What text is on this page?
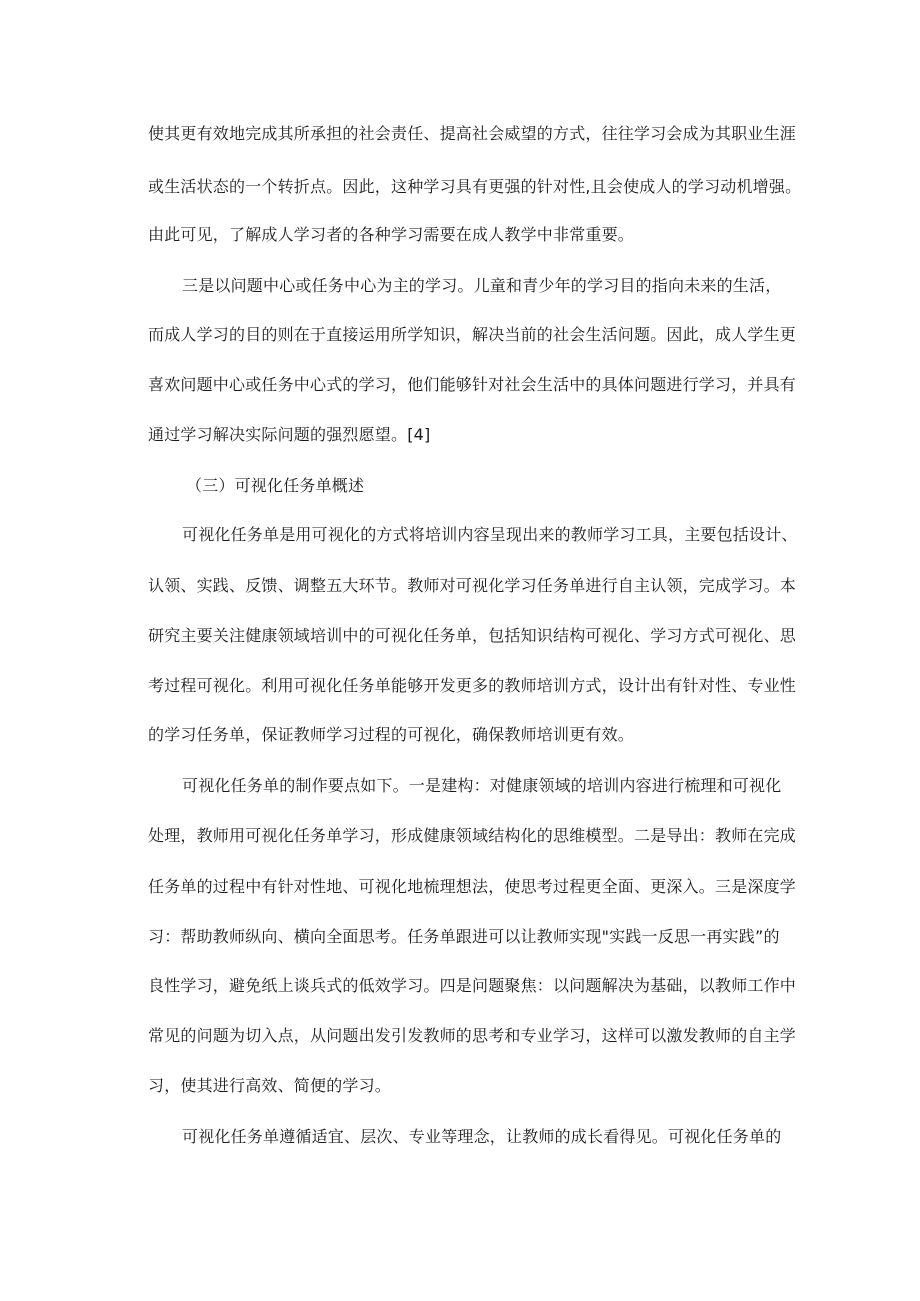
使其更有效地完成其所承担的社会责任、提高社会威望的方式，往往学习会成为其职业生涯
或生活状态的一个转折点。因此，这种学习具有更强的针对性,且会使成人的学习动机增强。
由此可见，了解成人学习者的各种学习需要在成人教学中非常重要。
三是以问题中心或任务中心为主的学习。儿童和青少年的学习目的指向未来的生活，
而成人学习的目的则在于直接运用所学知识，解决当前的社会生活问题。因此，成人学生更
喜欢问题中心或任务中心式的学习，他们能够针对社会生活中的具体问题进行学习，并具有
通过学习解决实际问题的强烈愿望。[4]
（三）可视化任务单概述
可视化任务单是用可视化的方式将培训内容呈现出来的教师学习工具，主要包括设计、
认领、实践、反馈、调整五大环节。教师对可视化学习任务单进行自主认领，完成学习。本
研究主要关注健康领域培训中的可视化任务单，包括知识结构可视化、学习方式可视化、思
考过程可视化。利用可视化任务单能够开发更多的教师培训方式，设计出有针对性、专业性
的学习任务单，保证教师学习过程的可视化，确保教师培训更有效。
可视化任务单的制作要点如下。一是建构：对健康领域的培训内容进行梳理和可视化
处理，教师用可视化任务单学习，形成健康领域结构化的思维模型。二是导出：教师在完成
任务单的过程中有针对性地、可视化地梳理想法，使思考过程更全面、更深入。三是深度学
习：帮助教师纵向、横向全面思考。任务单跟进可以让教师实现"实践一反思一再实践”的
良性学习，避免纸上谈兵式的低效学习。四是问题聚焦：以问题解决为基础，以教师工作中
常见的问题为切入点，从问题出发引发教师的思考和专业学习，这样可以激发教师的自主学
习，使其进行高效、简便的学习。
可视化任务单遵循适宜、层次、专业等理念，让教师的成长看得见。可视化任务单的
